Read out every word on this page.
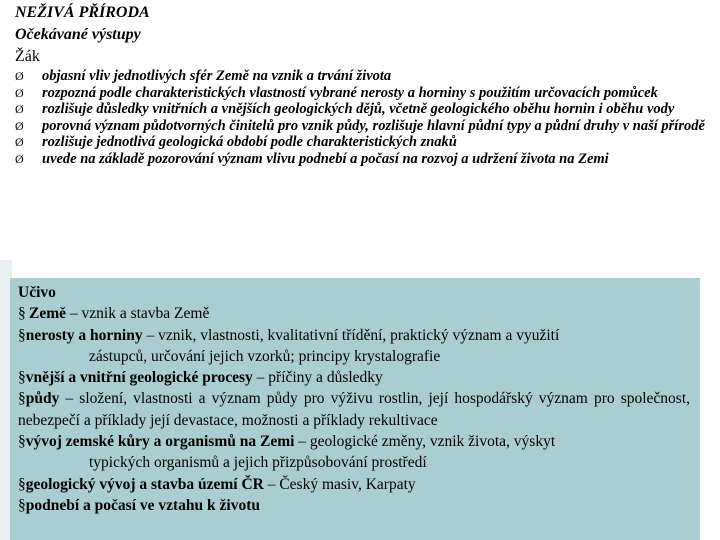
NEŽIVÁ PŘÍRODA
Očekávané výstupy
Žák
Ø objasní vliv jednotlivých sfér Země na vznik a trvání života
Ø rozpozná podle charakteristických vlastností vybrané nerosty a horniny s použitím určovacích pomůcek
Ø rozlišuje důsledky vnitřních a vnějších geologických dějů, včetně geologického oběhu hornin i oběhu vody
Ø porovná význam půdotvorných činitelů pro vznik půdy, rozlišuje hlavní půdní typy a půdní druhy v naší přírodě
Ø rozlišuje jednotlivá geologická období podle charakteristických znaků
Ø uvede na základě pozorování význam vlivu podnebí a počasí na rozvoj a udržení života na Zemi
Učivo
§ Země – vznik a stavba Země
§nerosty a horniny – vznik, vlastnosti, kvalitativní třídění, praktický význam a využití
zástupců, určování jejich vzorků; principy krystalografie
§vnější a vnitřní geologické procesy – příčiny a důsledky
§půdy – složení, vlastnosti a význam půdy pro výživu rostlin, její hospodářský význam pro společnost, nebezpečí a příklady její devastace, možnosti a příklady rekultivace
§vývoj zemské kůry a organismů na Zemi – geologické změny, vznik života, výskyt
typických organismů a jejich přizpůsobování prostředí
§geologický vývoj a stavba území ČR – Český masiv, Karpaty
§podnebí a počasí ve vztahu k životu
